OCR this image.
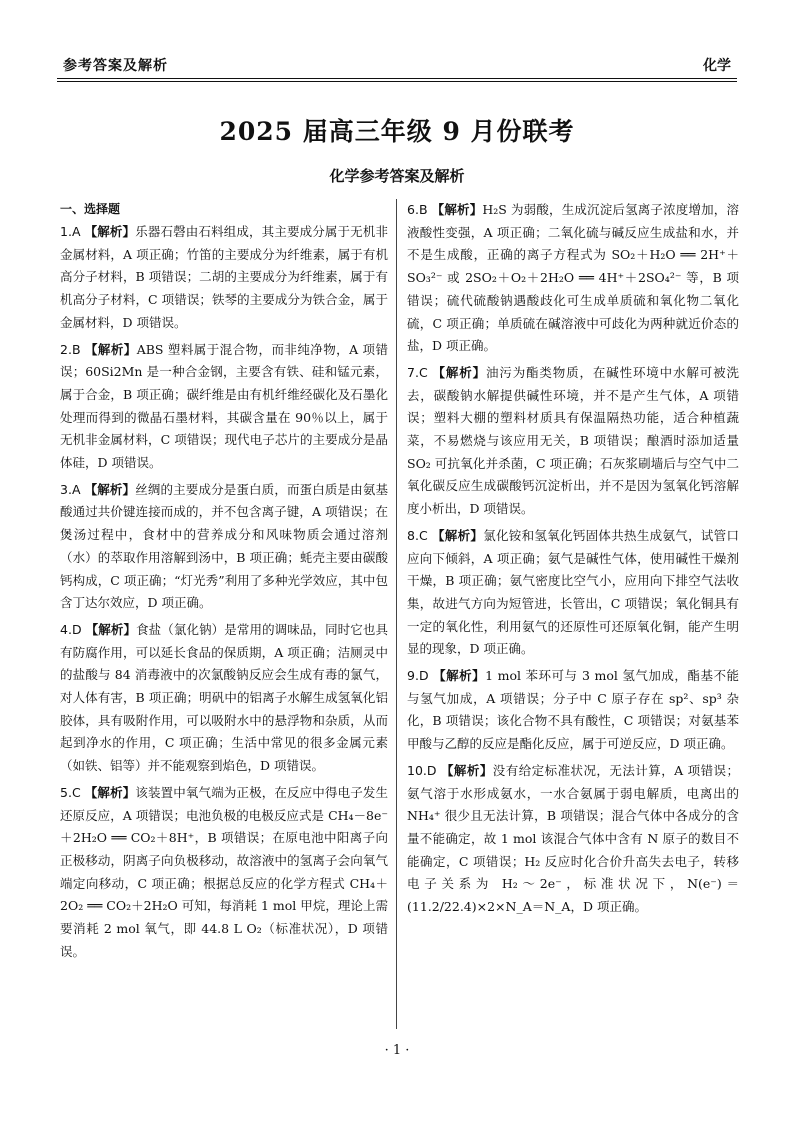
参考答案及解析	化学
2025 届高三年级 9 月份联考
化学参考答案及解析
一、选择题
1.A 【解析】乐器石磬由石料组成，其主要成分属于无机非金属材料，A 项正确；竹笛的主要成分为纤维素，属于有机高分子材料，B 项错误；二胡的主要成分为纤维素，属于有机高分子材料，C 项错误；铁琴的主要成分为铁合金，属于金属材料，D 项错误。
2.B 【解析】ABS 塑料属于混合物，而非纯净物，A 项错误；60Si2Mn 是一种合金钢，主要含有铁、硅和锰元素，属于合金，B 项正确；碳纤维是由有机纤维经碳化及石墨化处理而得到的微晶石墨材料，其碳含量在 90％以上，属于无机非金属材料，C 项错误；现代电子芯片的主要成分是晶体硅，D 项错误。
3.A 【解析】丝绸的主要成分是蛋白质，而蛋白质是由氨基酸通过共价键连接而成的，并不包含离子键，A 项错误；在煲汤过程中，食材中的营养成分和风味物质会通过溶剂（水）的萃取作用溶解到汤中，B 项正确；蚝壳主要由碳酸钙构成，C 项正确；“灯光秀”利用了多种光学效应，其中包含丁达尔效应，D 项正确。
4.D 【解析】食盐（氯化钠）是常用的调味品，同时它也具有防腐作用，可以延长食品的保质期，A 项正确；洁厕灵中的盐酸与 84 消毒液中的次氯酸钠反应会生成有毒的氯气，对人体有害，B 项正确；明矾中的铝离子水解生成氢氧化铝胶体，具有吸附作用，可以吸附水中的悬浮物和杂质，从而起到净水的作用，C 项正确；生活中常见的很多金属元素（如铁、铝等）并不能观察到焰色，D 项错误。
5.C 【解析】该装置中氧气端为正极，在反应中得电子发生还原反应，A 项错误；电池负极的电极反应式是 CH₄－8e⁻＋2H₂O ══ CO₂＋8H⁺，B 项错误；在原电池中阳离子向正极移动，阴离子向负极移动，故溶液中的氢离子会向氧气端定向移动，C 项正确；根据总反应的化学方程式 CH₄＋2O₂ ══ CO₂＋2H₂O 可知，每消耗 1 mol 甲烷，理论上需要消耗 2 mol 氧气，即 44.8 L O₂（标准状况），D 项错误。
6.B 【解析】H₂S 为弱酸，生成沉淀后氢离子浓度增加，溶液酸性变强，A 项正确；二氧化硫与碱反应生成盐和水，并不是生成酸，正确的离子方程式为 SO₂＋H₂O ══ 2H⁺＋SO₃²⁻ 或 2SO₂＋O₂＋2H₂O ══ 4H⁺＋2SO₄²⁻ 等，B 项错误；硫代硫酸钠遇酸歧化可生成单质硫和氧化物二氧化硫，C 项正确；单质硫在碱溶液中可歧化为两种就近价态的盐，D 项正确。
7.C 【解析】油污为酯类物质，在碱性环境中水解可被洗去，碳酸钠水解提供碱性环境，并不是产生气体，A 项错误；塑料大棚的塑料材质具有保温隔热功能，适合种植蔬菜，不易燃烧与该应用无关，B 项错误；酿酒时添加适量 SO₂ 可抗氧化并杀菌，C 项正确；石灰浆刷墙后与空气中二氧化碳反应生成碳酸钙沉淀析出，并不是因为氢氧化钙溶解度小析出，D 项错误。
8.C 【解析】氯化铵和氢氧化钙固体共热生成氨气，试管口应向下倾斜，A 项正确；氨气是碱性气体，使用碱性干燥剂干燥，B 项正确；氨气密度比空气小，应用向下排空气法收集，故进气方向为短管进，长管出，C 项错误；氧化铜具有一定的氧化性，利用氨气的还原性可还原氧化铜，能产生明显的现象，D 项正确。
9.D 【解析】1 mol 苯环可与 3 mol 氢气加成，酯基不能与氢气加成，A 项错误；分子中 C 原子存在 sp²、sp³ 杂化，B 项错误；该化合物不具有酸性，C 项错误；对氨基苯甲酸与乙醇的反应是酯化反应，属于可逆反应，D 项正确。
10.D 【解析】没有给定标准状况，无法计算，A 项错误；氨气溶于水形成氨水，一水合氨属于弱电解质，电离出的 NH₄⁺ 很少且无法计算，B 项错误；混合气体中各成分的含量不能确定，故 1 mol 该混合气体中含有 N 原子的数目不能确定，C 项错误；H₂ 反应时化合价升高失去电子，转移电子关系为 H₂～2e⁻，标准状况下，N(e⁻)＝(11.2/22.4)×2×N_A＝N_A，D 项正确。
· 1 ·
